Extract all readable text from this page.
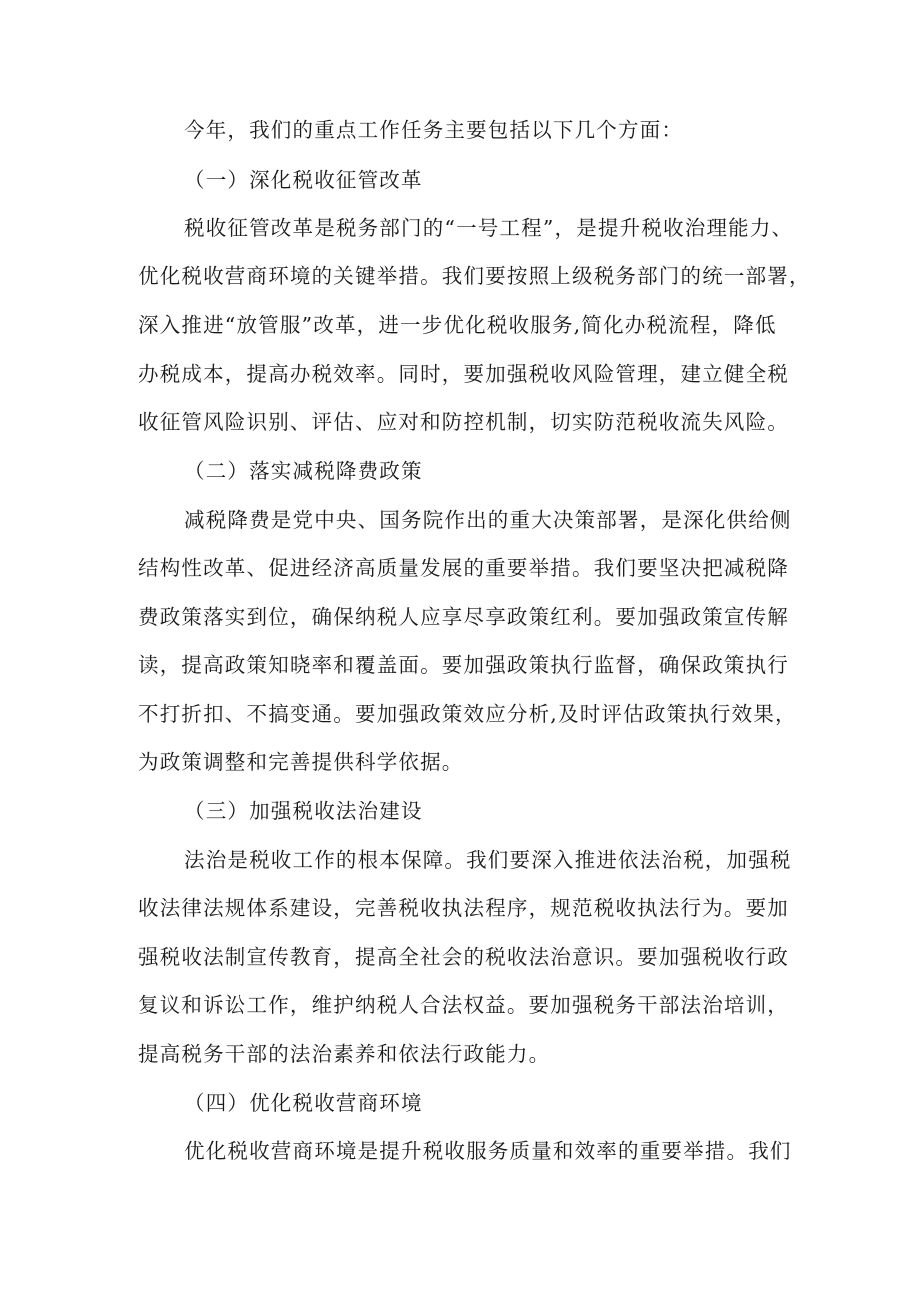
今年，我们的重点工作任务主要包括以下几个方面：

（一）深化税收征管改革

税收征管改革是税务部门的“一号工程”，是提升税收治理能力、

优化税收营商环境的关键举措。我们要按照上级税务部门的统一部署，

深入推进“放管服”改革，进一步优化税收服务,简化办税流程，降低

办税成本，提高办税效率。同时，要加强税收风险管理，建立健全税

收征管风险识别、评估、应对和防控机制，切实防范税收流失风险。

（二）落实减税降费政策

减税降费是党中央、国务院作出的重大决策部署，是深化供给侧

结构性改革、促进经济高质量发展的重要举措。我们要坚决把减税降

费政策落实到位，确保纳税人应享尽享政策红利。要加强政策宣传解

读，提高政策知晓率和覆盖面。要加强政策执行监督，确保政策执行

不打折扣、不搞变通。要加强政策效应分析,及时评估政策执行效果，

为政策调整和完善提供科学依据。

（三）加强税收法治建设

法治是税收工作的根本保障。我们要深入推进依法治税，加强税

收法律法规体系建设，完善税收执法程序，规范税收执法行为。要加

强税收法制宣传教育，提高全社会的税收法治意识。要加强税收行政

复议和诉讼工作，维护纳税人合法权益。要加强税务干部法治培训，

提高税务干部的法治素养和依法行政能力。

（四）优化税收营商环境

优化税收营商环境是提升税收服务质量和效率的重要举措。我们
